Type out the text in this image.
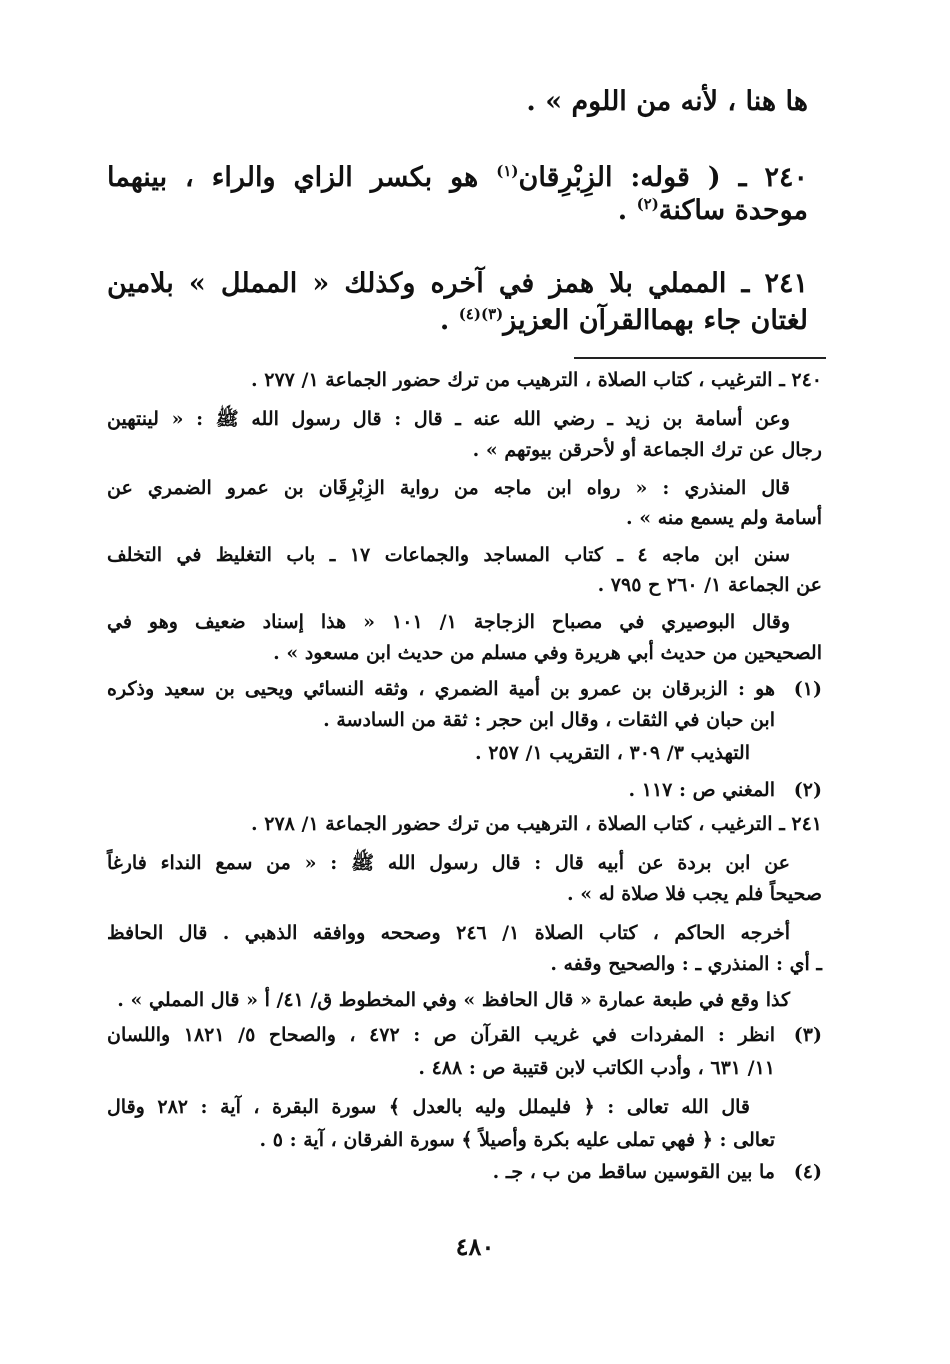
ها هنا ، لأنه من اللوم » .
٢٤٠ ـ ( قوله: الزِبْرِقان$^{(١)}$ هو بكسر الزاي والراء ، بينهما
موحدة ساكنة$^{(٢)}$ .
٢٤١ ـ المملي بلا همز في آخره وكذلك « المملل » بلامين
لغتان جاء بهماالقرآن العزيز$^{(٣)(٤)}$ .
٢٤٠ ـ الترغيب ، كتاب الصلاة ، الترهيب من ترك حضور الجماعة ١/ ٢٧٧ .
وعن أسامة بن زيد ـ رضي الله عنه ـ قال : قال رسول الله ﷺ : « لينتهين
رجال عن ترك الجماعة أو لأحرقن بيوتهم » .
قال المنذري : « رواه ابن ماجه من رواية الزِبْرِقَان بن عمرو الضمري عن
أسامة ولم يسمع منه » .
سنن ابن ماجه ٤ ـ كتاب المساجد والجماعات ١٧ ـ باب التغليظ في التخلف
عن الجماعة ١/ ٢٦٠ ح ٧٩٥ .
وقال البوصيري في مصباح الزجاجة ١/ ١٠١ « هذا إسناد ضعيف وهو في
الصحيحين من حديث أبي هريرة وفي مسلم من حديث ابن مسعود » .
(١)
هو : الزبرقان بن عمرو بن أمية الضمري ، وثقه النسائي ويحيى بن سعيد وذكره
ابن حبان في الثقات ، وقال ابن حجر : ثقة من السادسة .
التهذيب ٣/ ٣٠٩ ، التقريب ١/ ٢٥٧ .
(٢)
المغني ص : ١١٧ .
٢٤١ ـ الترغيب ، كتاب الصلاة ، الترهيب من ترك حضور الجماعة ١/ ٢٧٨ .
عن ابن بردة عن أبيه قال : قال رسول الله ﷺ : « من سمع النداء فارغاً
صحيحاً فلم يجب فلا صلاة له » .
أخرجه الحاكم ، كتاب الصلاة ١/ ٢٤٦ وصححه ووافقه الذهبي . قال الحافظ
ـ أي : المنذري ـ : والصحيح وقفه .
كذا وقع في طبعة عمارة « قال الحافظ » وفي المخطوط ق/ ٤١/ أ « قال المملي » .
(٣)
انظر : المفردات في غريب القرآن ص : ٤٧٢ ، والصحاح ٥/ ١٨٢١ واللسان
١١/ ٦٣١ ، وأدب الكاتب لابن قتيبة ص : ٤٨٨ .
قال الله تعالى : ﴿ فليملل وليه بالعدل ﴾ سورة البقرة ، آية : ٢٨٢ وقال
تعالى : ﴿ فهي تملى عليه بكرة وأصيلاً ﴾ سورة الفرقان ، آية : ٥ .
(٤)
ما بين القوسين ساقط من ب ، جـ .
٤٨٠
